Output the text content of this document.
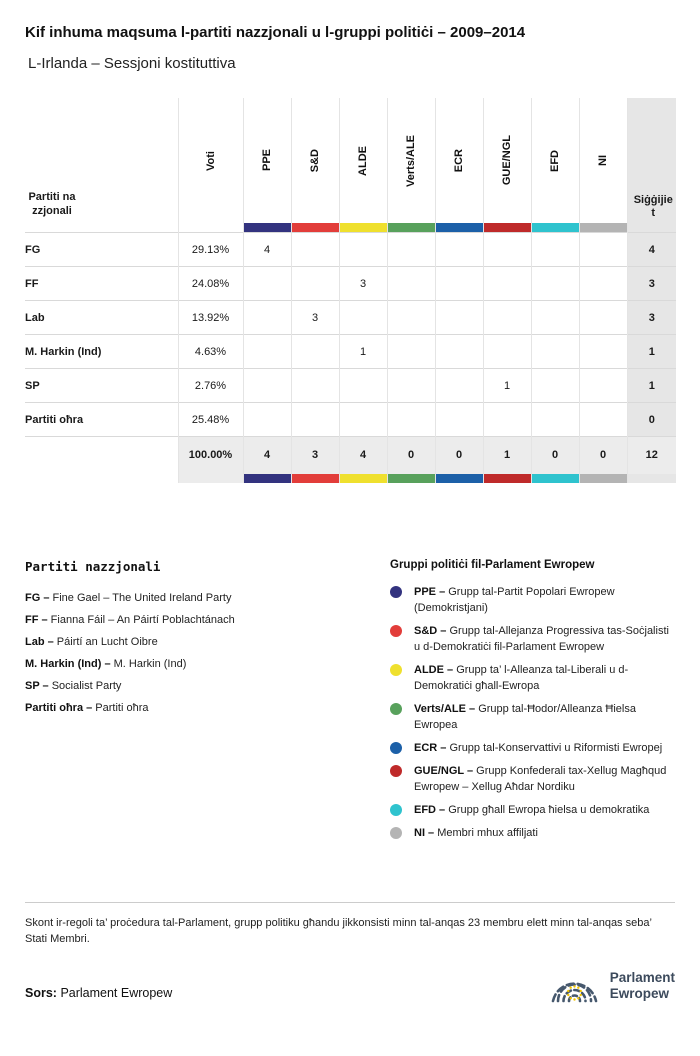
Kif inhuma maqsuma l-partiti nazzjonali u l-gruppi politiċi – 2009–2014
L-Irlanda – Sessjoni kostituttiva
Partiti nazzjonali	Voti	PPE	S&D	ALDE	Verts/ALE	ECR	GUE/NGL	EFD	NI	Siġġijiet

FG	29.13%	4								4
FF	24.08%			3						3
Lab	13.92%		3							3
M. Harkin (Ind)	4.63%			1						1
SP	2.76%						1			1
Partiti oħra	25.48%									0
	100.00%	4	3	4	0	0	1	0	0	12

Partiti nazzjonali
FG – Fine Gael – The United Ireland Party
FF – Fianna Fáil – An Páirtí Poblachtánach
Lab – Páirtí an Lucht Oibre
M. Harkin (Ind) – M. Harkin (Ind)
SP – Socialist Party
Partiti oħra – Partiti oħra
Gruppi politiċi fil-Parlament Ewropew
PPE – Grupp tal-Partit Popolari Ewropew (Demokristjani)
S&D – Grupp tal-Allejanza Progressiva tas-Soċjalisti u d-Demokratiċi fil-Parlament Ewropew
ALDE – Grupp ta’ l-Alleanza tal-Liberali u d-Demokratiċi għall-Ewropa
Verts/ALE – Grupp tal-Ħodor/Alleanza Ħielsa Ewropea
ECR – Grupp tal-Konservattivi u Riformisti Ewropej
GUE/NGL – Grupp Konfederali tax-Xellug Magħqud Ewropew – Xellug Aħdar Nordiku
EFD – Grupp għall Ewropa ħielsa u demokratika
NI – Membri mhux affiljati

Skont ir-regoli ta’ proċedura tal-Parlament, grupp politiku għandu jikkonsisti minn tal-anqas 23 membru elett minn tal-anqas seba’ Stati Membri.

Sors: Parlament Ewropew
Parlament
Ewropew
